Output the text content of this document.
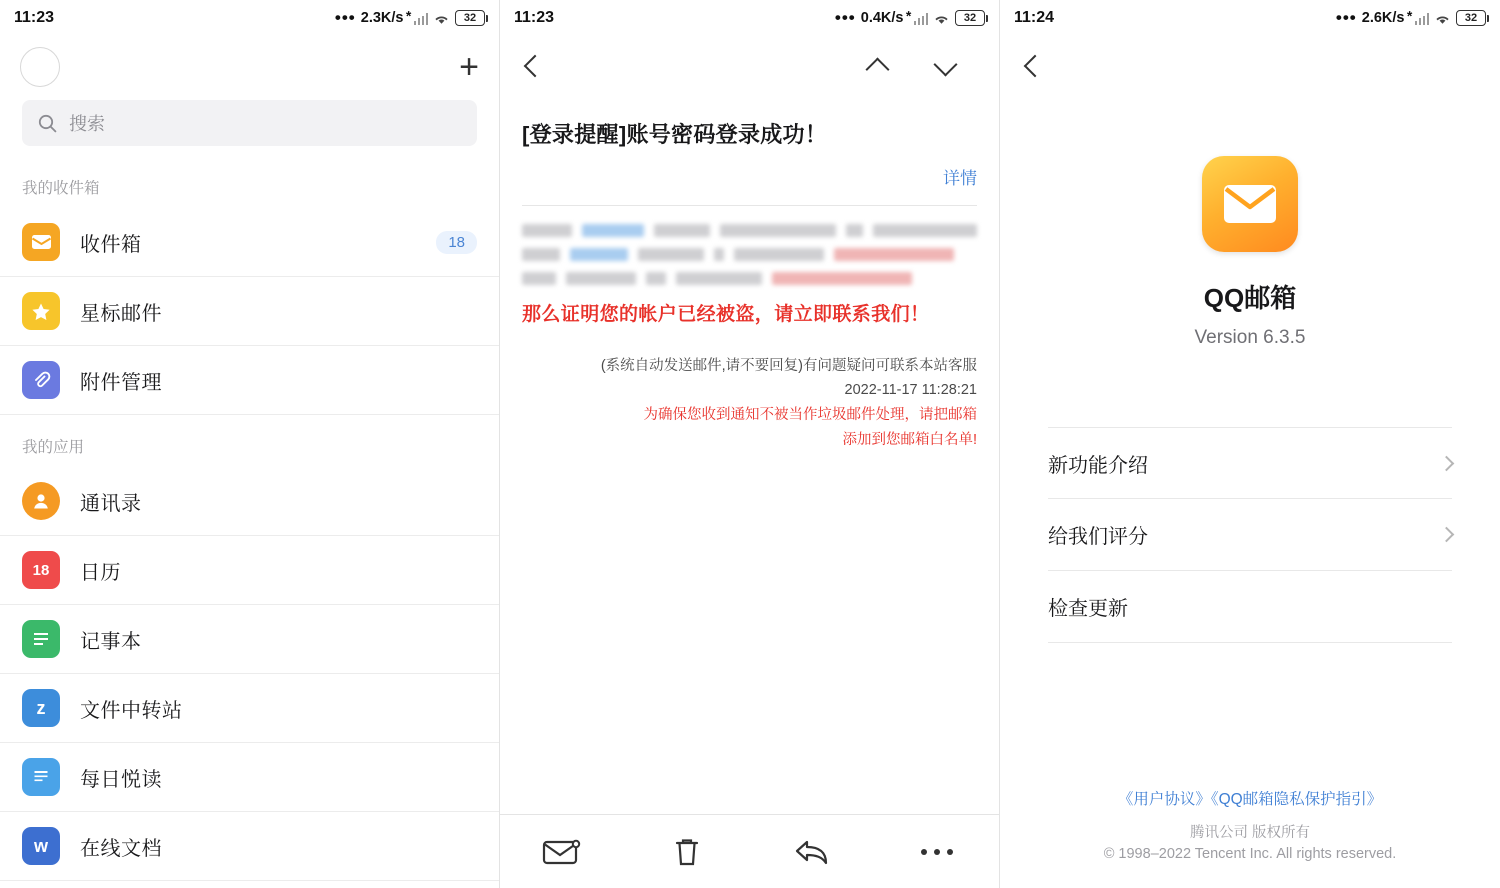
11:23	••• 2.3K/s	32
+
搜索
我的收件箱
收件箱	18
星标邮件
附件管理
我的应用
通讯录
18	日历
记事本
z	文件中转站
每日悦读
w	在线文档
11:23	••• 0.4K/s	32
[登录提醒]账号密码登录成功！
详情
那么证明您的帐户已经被盗，请立即联系我们！
(系统自动发送邮件,请不要回复)有问题疑问可联系本站客服
2022-11-17 11:28:21
为确保您收到通知不被当作垃圾邮件处理，请把邮箱
添加到您邮箱白名单!
11:24	••• 2.6K/s	32
QQ邮箱
Version 6.3.5
新功能介绍
给我们评分
检查更新
《用户协议》《QQ邮箱隐私保护指引》
腾讯公司 版权所有
© 1998–2022 Tencent Inc. All rights reserved.
